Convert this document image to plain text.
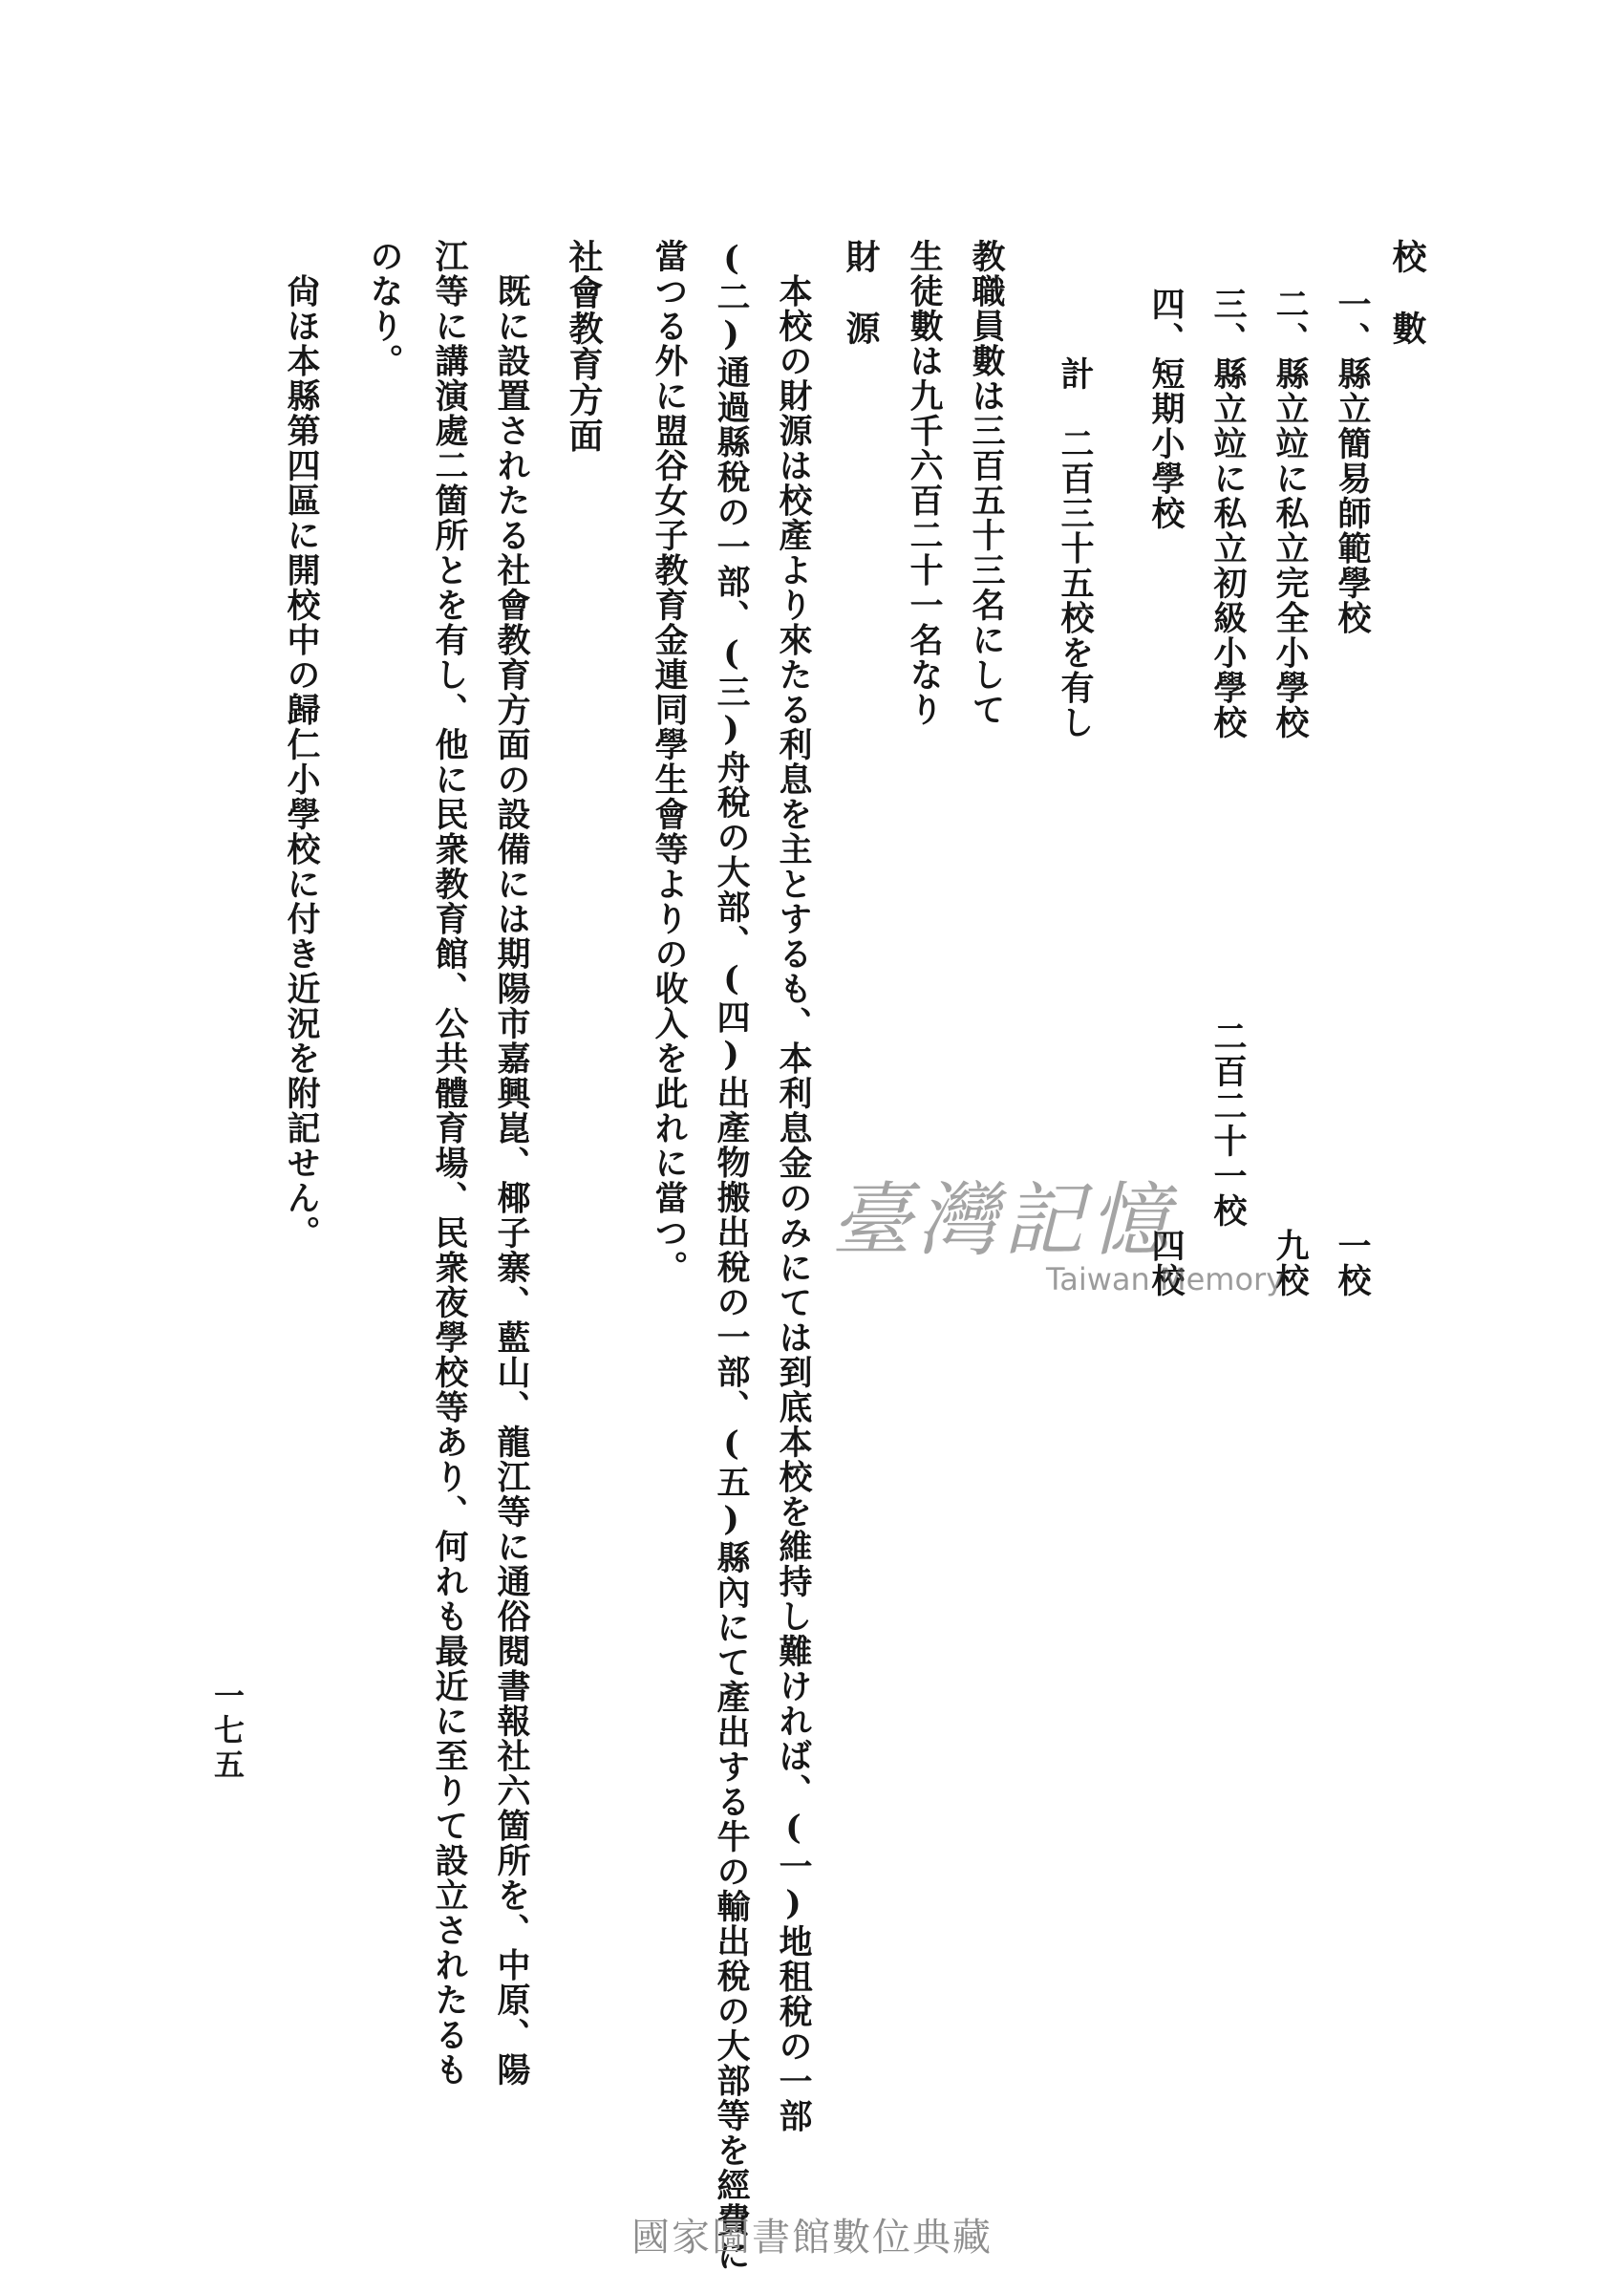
校　數
一、縣立簡易師範學校　　　　　　　　　　　　　　　　　一校
二、縣立竝に私立完全小學校　　　　　　　　　　　　　　九校
三、縣立竝に私立初級小學校　　　　　　　　二百二十一校
四、短期小學校　　　　　　　　　　　　　　　　　　　　四校
　　計　二百三十五校を有し
教職員數は三百五十三名にして
生徒數は九千六百二十一名なり
財　源
　本校の財源は校產より來たる利息を主とするも、本利息金のみにては到底本校を維持し難ければ、(一)地租稅の一部
(二)通過縣稅の一部、(三)舟稅の大部、(四)出產物搬出稅の一部、(五)縣內にて產出する牛の輸出稅の大部等を經費に
當つる外に盟谷女子教育金連同學生會等よりの收入を此れに當つ。
社會教育方面
　既に設置されたる社會教育方面の設備には期陽市嘉興崑、椰子寨、藍山、龍江等に通俗閱書報社六箇所を、中原、陽
江等に講演處二箇所とを有し、他に民衆教育館、公共體育場、民衆夜學校等あり、何れも最近に至りて設立されたるも
のなり。
　尙ほ本縣第四區に開校中の歸仁小學校に付き近況を附記せん。
一七五
臺灣記憶
Taiwan Memory
國家圖書館數位典藏
